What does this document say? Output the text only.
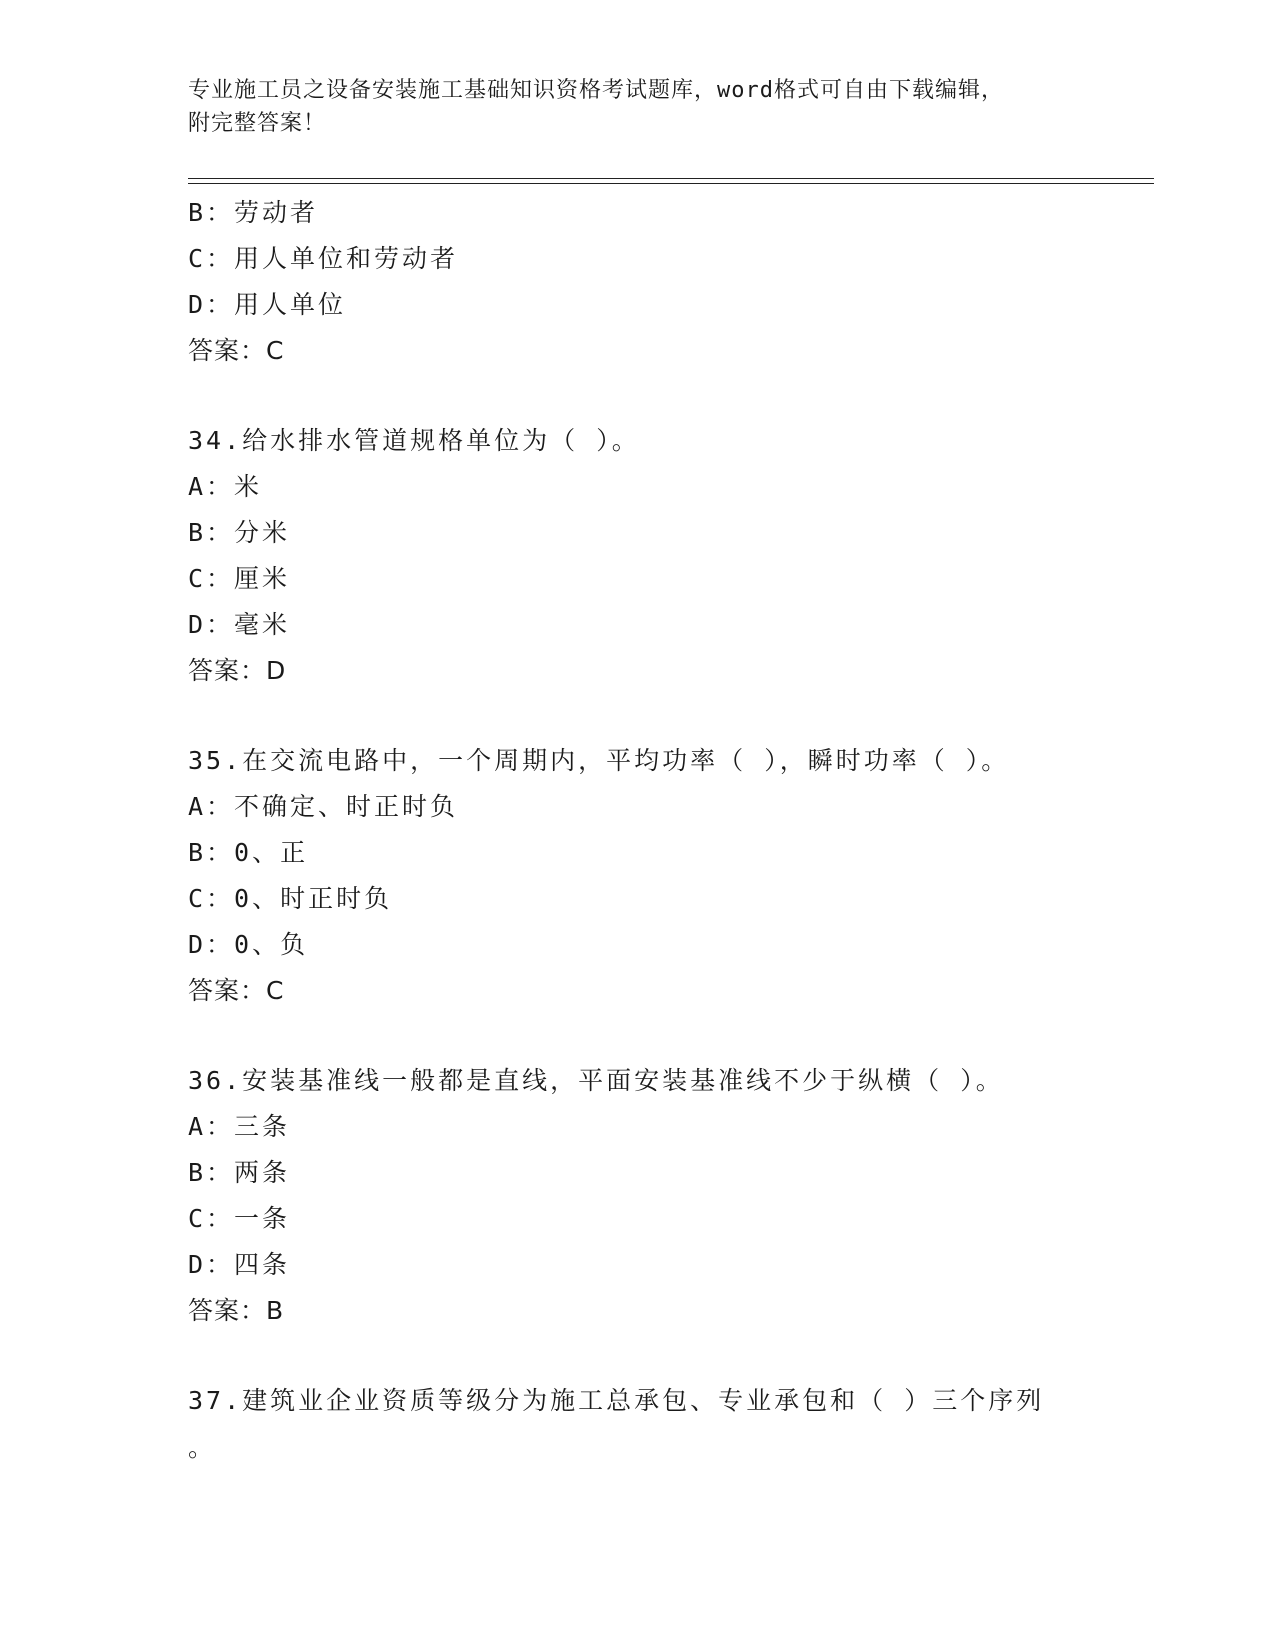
专业施工员之设备安装施工基础知识资格考试题库，word格式可自由下载编辑，
附完整答案！
B：劳动者
C：用人单位和劳动者
D：用人单位
答案：C
34.给水排水管道规格单位为（ ）。
A：米
B：分米
C：厘米
D：毫米
答案：D
35.在交流电路中，一个周期内，平均功率（ ），瞬时功率（ ）。
A：不确定、时正时负
B：0、正
C：0、时正时负
D：0、负
答案：C
36.安装基准线一般都是直线，平面安装基准线不少于纵横（ ）。
A：三条
B：两条
C：一条
D：四条
答案：B
37.建筑业企业资质等级分为施工总承包、专业承包和（ ）三个序列
。
